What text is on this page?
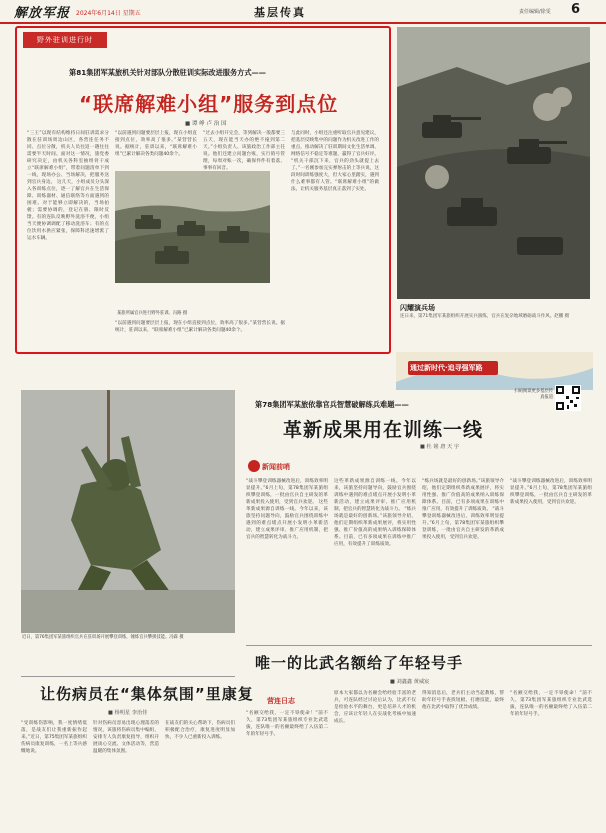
解放军报 2024年6月14日 星期五	基层传真	责任编辑/徐雯 6
野外驻训进行时
第81集团军某旅机关针对部队分散驻训实际改进服务方式——
“联席解难小组”服务到点位
■ 谭 峥 卢 治 国
“三王”以现有结构维持日间驻训需求分散在驻训场周边山区，各营连任务不同、点位分散，机关人员往返一趟往往需要半天时间。面对这一情况，旅党委研究决定，由机关各科室抽组骨干成立“联席解难小组”，带着问题清单下到一线，现场办公、当场解决，把服务送到官兵身边。 这几天，小组成员分头深入各训练点位，逐一了解官兵在生活保障、训练器材、通信联络等方面遇到的困难。对于能够立即解决的，当场拍板；需要协调的，登记在册、限时反馈。有的连队反映野外洗浴不便，小组当天便协调调配了移动洗浴车；有的点位饮用水供应紧张，保障科迅速增派了运水车辆。
“以前遇到问题要层层上报，现在小组直接到点位，效率高了很多。”某营营长说。据统计，驻训以来，“联席解难小组”已累计解决各类问题40余个。
“过去小组开完会，等到解决一般都要三五天，现在能当天办的绝不拖到第二天。”小组负责人、该旅政治工作部主任说。他们还建立问题台账，实行销号管理，每周对账一次，确保件件有着落、事事有回音。
与此同时，小组还注重听取官兵意见建议，把基层反映集中的问题作为机关改进工作的重点，推动解决了驻训期间文化生活单调、网络信号不稳定等难题，赢得了官兵好评。 “机关干部沉下来，官兵的劲头就提上去了。”一名刚参加完实弹射击的上等兵说，这段时间训练强度大，但大家心里踏实，遇到什么难事都有人管。“联席解难小组”的做法，让机关服务基层真正落到了实处。
某旅所属官兵进行野外驻训。冯路 摄
“以前遇到问题要层层上报，现在小组直接到点位，效率高了很多。”某营营长说。据统计，驻训以来，“联席解难小组”已累计解决各类问题40余个。
闪耀演兵场
连日来，第71集团军某旅组织开展实兵演练，官兵在复杂地域磨砺战斗作风。赵鹏 摄
通过新时代·追寻强军路
扫码阅读更多基层传真报道
近日，第76集团军某旅组织官兵在驻训场开展攀登训练，锤炼官兵攀援技能。冯霖 摄
第78集团军某旅依靠官兵智慧破解练兵难题——
革新成果用在训练一线
■ 杜 铭 唐 天 宇
新闻前哨
“战斗攀登训练器械改进后，训练效率明显提升。”6月上旬，第78集团军某旅组织攀登训练，一批由官兵自主研发的革新成果投入使用，受到官兵欢迎。 这些革新成果源自训练一线。今年以来，该旅坚持问题导向，鼓励官兵围绕训练中遇到的难点堵点开展小发明小革新活动，建立成果评审、推广应用机制，把官兵的智慧转化为战斗力。
这些革新成果源自训练一线。今年以来，该旅坚持问题导向，鼓励官兵围绕训练中遇到的难点堵点开展小发明小革新活动，建立成果评审、推广应用机制，把官兵的智慧转化为战斗力。 “练兵场就是最好的创新场。”该旅领导介绍，他们定期组织革新成果展评，将实用性强、推广价值高的成果纳入训练保障体系。目前，已有多项成果在训练中推广应用，有效提升了训练质效。
“练兵场就是最好的创新场。”该旅领导介绍，他们定期组织革新成果展评，将实用性强、推广价值高的成果纳入训练保障体系。目前，已有多项成果在训练中推广应用，有效提升了训练质效。 “战斗攀登训练器械改进后，训练效率明显提升。”6月上旬，第78集团军某旅组织攀登训练，一批由官兵自主研发的革新成果投入使用，受到官兵欢迎。
“战斗攀登训练器械改进后，训练效率明显提升。”6月上旬，第78集团军某旅组织攀登训练，一批由官兵自主研发的革新成果投入使用，受到官兵欢迎。
唯一的比武名额给了年轻号手
■ 刘鑫鑫 黄威宸
营连日志
“名额交给我，一定不辱使命！”前不久，第73集团军某旅组织专业比武选拔，连队唯一的名额最终给了入伍第二年的年轻号手。
原本大家都以为名额会给经验丰富的老兵，可连队经过讨论后认为，比武不仅是检验水平的舞台，更是培养人才的机会，应该让年轻人在实战化考核中加速成长。
得知消息后，老兵们主动当起教练，帮助年轻号手查找短板、打磨技能，最终他在比武中取得了优异成绩。
“名额交给我，一定不辱使命！”前不久，第73集团军某旅组织专业比武选拔，连队唯一的名额最终给了入伍第二年的年轻号手。
让伤病员在“集体氛围”里康复
■ 杨明星 李治佳
“受训练伤影响，我一度情绪低落，是战友们让我重新振作起来。”近日，第75集团军某旅组织伤病员康复训练，一名上等兵感慨地说。
针对伤病员容易出现心理落差的情况，该旅将伤病员集中编组，安排专人负责康复指导，组织开展谈心交流、文体活动等，营造温暖的集体氛围。
在战友们的关心帮助下，伤病员们积极配合治疗，康复进度明显加快，不少人已重新投入训练。
